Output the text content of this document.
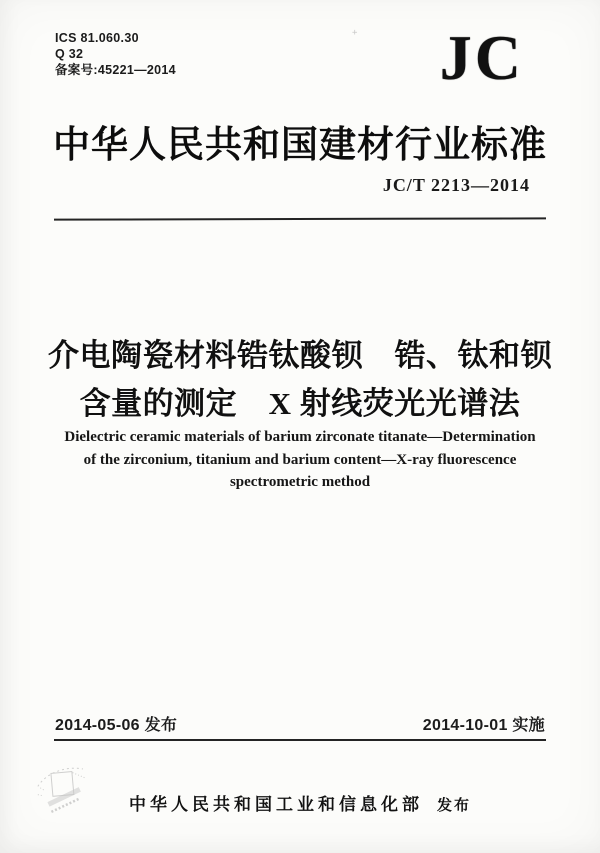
ICS 81.060.30
Q 32
备案号:45221—2014
+ JC
中华人民共和国建材行业标准
JC/T 2213—2014
介电陶瓷材料锆钛酸钡　锆、钛和钡
含量的测定　X 射线荧光光谱法
Dielectric ceramic materials of barium zirconate titanate—Determination
of the zirconium, titanium and barium content—X-ray fluorescence
spectrometric method
2014-05-06 发布	2014-10-01 实施
中华人民共和国工业和信息化部 发布
